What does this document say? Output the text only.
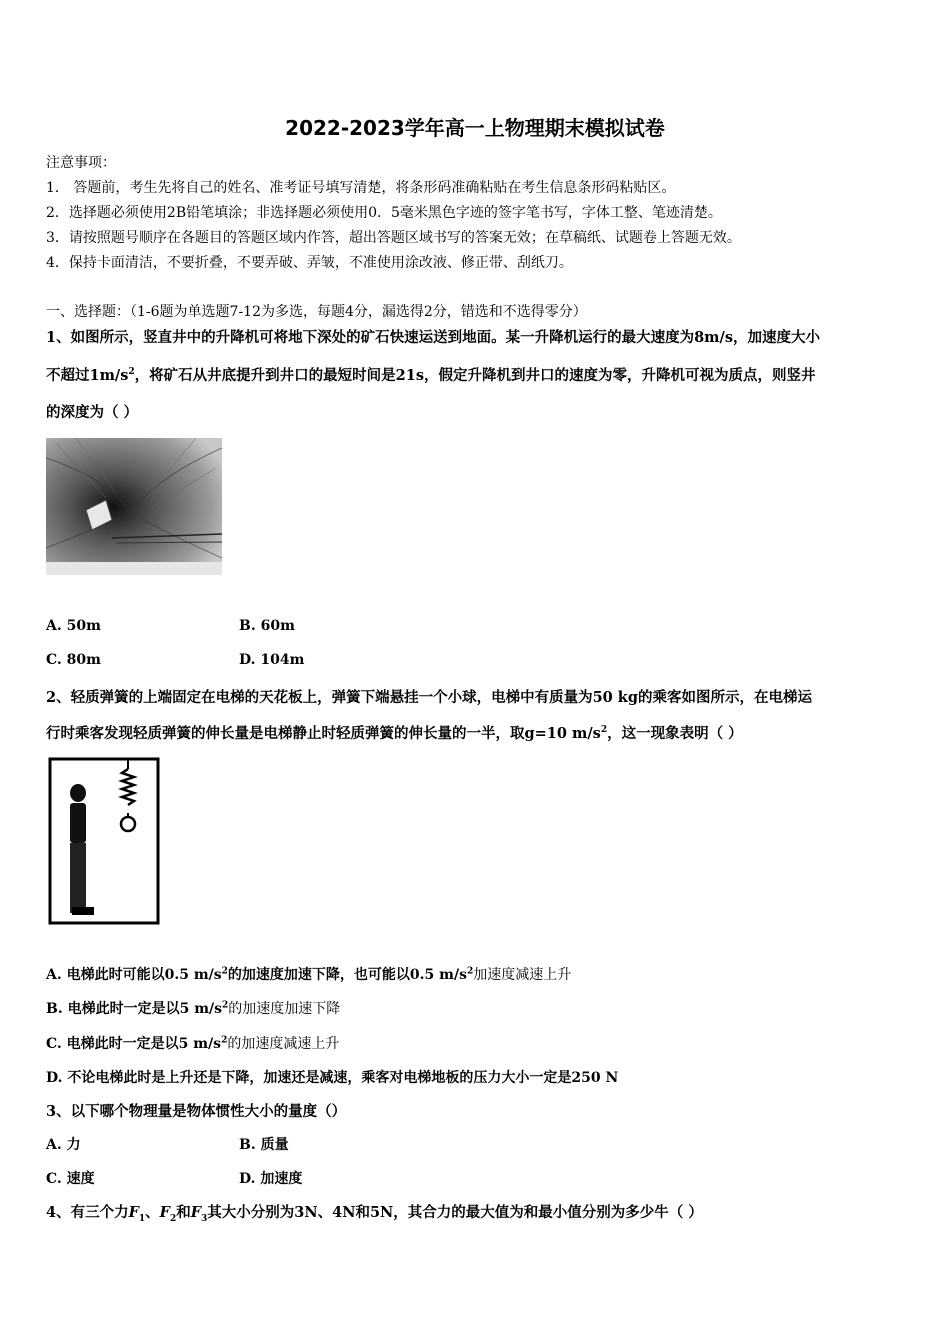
2022-2023学年高一上物理期末模拟试卷
注意事项：
1． 答题前，考生先将自己的姓名、准考证号填写清楚，将条形码准确粘贴在考生信息条形码粘贴区。
2．选择题必须使用2B铅笔填涂；非选择题必须使用0．5毫米黑色字迹的签字笔书写，字体工整、笔迹清楚。
3．请按照题号顺序在各题目的答题区域内作答，超出答题区域书写的答案无效；在草稿纸、试题卷上答题无效。
4．保持卡面清洁，不要折叠，不要弄破、弄皱，不准使用涂改液、修正带、刮纸刀。
一、选择题：（1-6题为单选题7-12为多选，每题4分，漏选得2分，错选和不选得零分）
1、如图所示，竖直井中的升降机可将地下深处的矿石快速运送到地面。某一升降机运行的最大速度为8m/s，加速度大小
不超过$1m/s^2$，将矿石从井底提升到井口的最短时间是21s，假定升降机到井口的速度为零，升降机可视为质点，则竖井
的深度为（ ）
A. 50m	B. 60m
C. 80m	D. 104m
2、轻质弹簧的上端固定在电梯的天花板上，弹簧下端悬挂一个小球，电梯中有质量为50 kg的乘客如图所示，在电梯运
行时乘客发现轻质弹簧的伸长量是电梯静止时轻质弹簧的伸长量的一半，取g=10 $m/s^2$，这一现象表明（ ）
A. 电梯此时可能以0.5 $m/s^2$的加速度加速下降，也可能以0.5 $m/s^2$加速度减速上升
B. 电梯此时一定是以5 $m/s^2$的加速度加速下降
C. 电梯此时一定是以5 $m/s^2$的加速度减速上升
D. 不论电梯此时是上升还是下降，加速还是减速，乘客对电梯地板的压力大小一定是250 N
3、以下哪个物理量是物体惯性大小的量度（）
A. 力	B. 质量
C. 速度	D. 加速度
4、有三个力$F_1$、$F_2$和$F_3$其大小分别为3N、4N和5N，其合力的最大值为和最小值分别为多少牛（ ）
